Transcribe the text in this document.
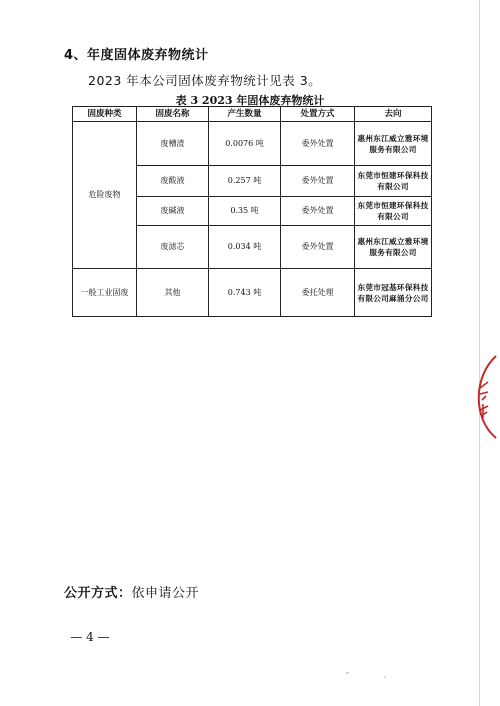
4、年度固体废弃物统计
2023 年本公司固体废弃物统计见表 3。
表 3 2023 年固体废弃物统计
固废种类	固废名称	产生数量	处置方式	去向
危险废物	废槽渣	0.0076 吨	委外处置	惠州东江威立雅环境服务有限公司
	废酸液	0.257 吨	委外处置	东莞市恒建环保科技有限公司
	废碱液	0.35 吨	委外处置	东莞市恒建环保科技有限公司
	废滤芯	0.034 吨	委外处置	惠州东江威立雅环境服务有限公司
一般工业固废	其他	0.743 吨	委托处理	东莞市冠基环保科技有限公司麻涌分公司
公开方式：依申请公开
— 4 —
